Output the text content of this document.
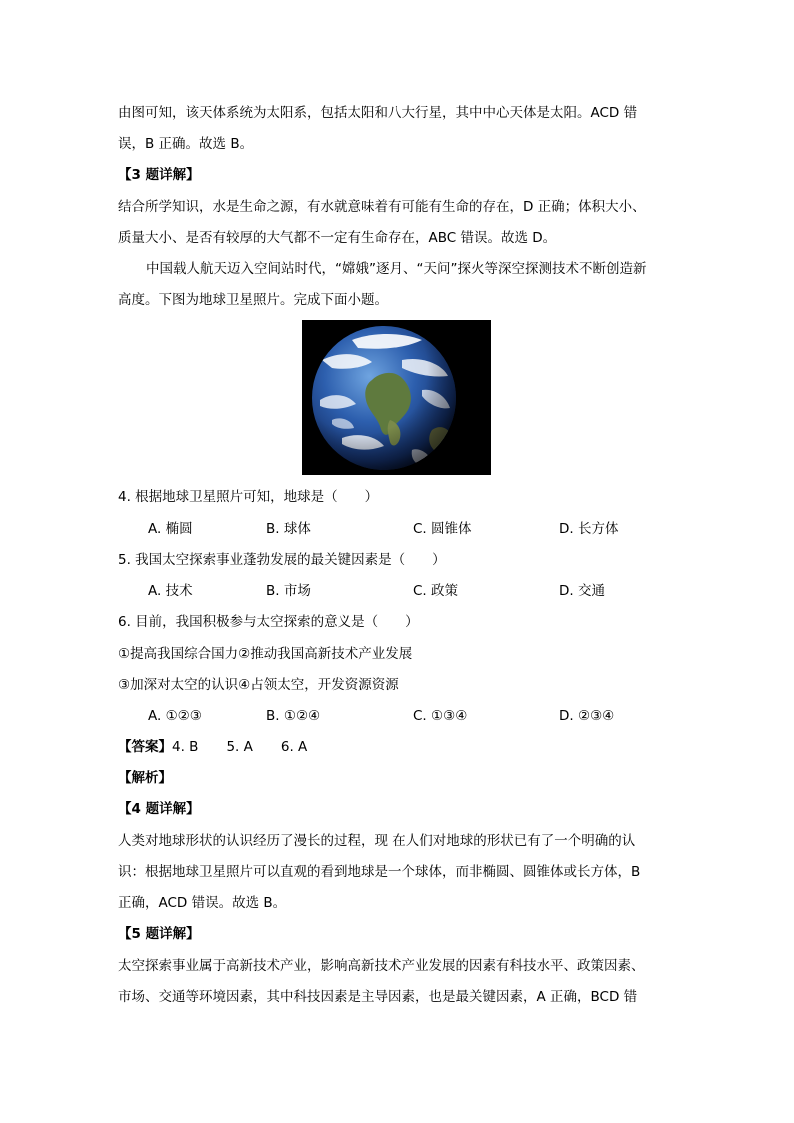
由图可知，该天体系统为太阳系，包括太阳和八大行星，其中中心天体是太阳。ACD 错
误，B 正确。故选 B。
【3 题详解】
结合所学知识，水是生命之源，有水就意味着有可能有生命的存在，D 正确；体积大小、
质量大小、是否有较厚的大气都不一定有生命存在，ABC 错误。故选 D。
中国载人航天迈入空间站时代，“嫦娥”逐月、“天问”探火等深空探测技术不断创造新
高度。下图为地球卫星照片。完成下面小题。
4. 根据地球卫星照片可知，地球是（　　）
A. 椭圆	B. 球体	C. 圆锥体	D. 长方体
5. 我国太空探索事业蓬勃发展的最关键因素是（　　）
A. 技术	B. 市场	C. 政策	D. 交通
6. 目前，我国积极参与太空探索的意义是（　　）
①提高我国综合国力②推动我国高新技术产业发展
③加深对太空的认识④占领太空，开发资源资源
A. ①②③	B. ①②④	C. ①③④	D. ②③④
【答案】4. B 5. A 6. A
【解析】
【4 题详解】
人类对地球形状的认识经历了漫长的过程，现 在人们对地球的形状已有了一个明确的认
识：根据地球卫星照片可以直观的看到地球是一个球体，而非椭圆、圆锥体或长方体，B
正确，ACD 错误。故选 B。
【5 题详解】
太空探索事业属于高新技术产业，影响高新技术产业发展的因素有科技水平、政策因素、
市场、交通等环境因素，其中科技因素是主导因素，也是最关键因素，A 正确，BCD 错
